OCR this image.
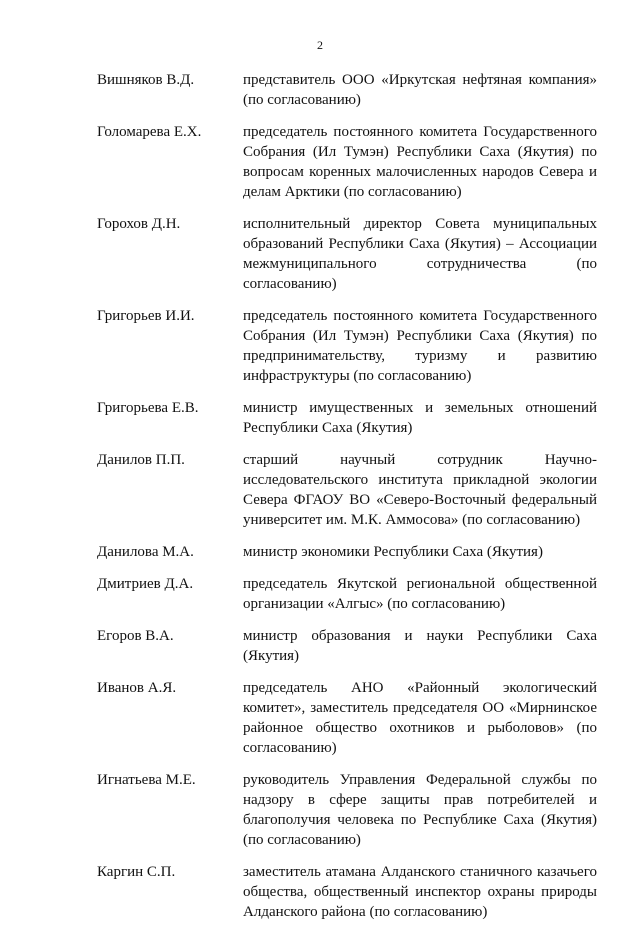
2
Вишняков В.Д.	представитель ООО «Иркутская нефтяная компания» (по согласованию)
Голомарева Е.Х.	председатель постоянного комитета Государственного Собрания (Ил Тумэн) Республики Саха (Якутия) по вопросам коренных малочисленных народов Севера и делам Арктики (по согласованию)
Горохов Д.Н.	исполнительный директор Совета муниципальных образований Республики Саха (Якутия) – Ассоциации межмуниципального сотрудничества (по согласованию)
Григорьев И.И.	председатель постоянного комитета Государственного Собрания (Ил Тумэн) Республики Саха (Якутия) по предпринимательству, туризму и развитию инфраструктуры (по согласованию)
Григорьева Е.В.	министр имущественных и земельных отношений Республики Саха (Якутия)
Данилов П.П.	старший научный сотрудник Научно-исследовательского института прикладной экологии Севера ФГАОУ ВО «Северо-Восточный федеральный университет им. М.К. Аммосова» (по согласованию)
Данилова М.А.	министр экономики Республики Саха (Якутия)
Дмитриев Д.А.	председатель Якутской региональной общественной организации «Алгыс» (по согласованию)
Егоров В.А.	министр образования и науки Республики Саха (Якутия)
Иванов А.Я.	председатель АНО «Районный экологический комитет», заместитель председателя ОО «Мирнинское районное общество охотников и рыболовов» (по согласованию)
Игнатьева М.Е.	руководитель Управления Федеральной службы по надзору в сфере защиты прав потребителей и благополучия человека по Республике Саха (Якутия) (по согласованию)
Каргин С.П.	заместитель атамана Алданского станичного казачьего общества, общественный инспектор охраны природы Алданского района (по согласованию)
